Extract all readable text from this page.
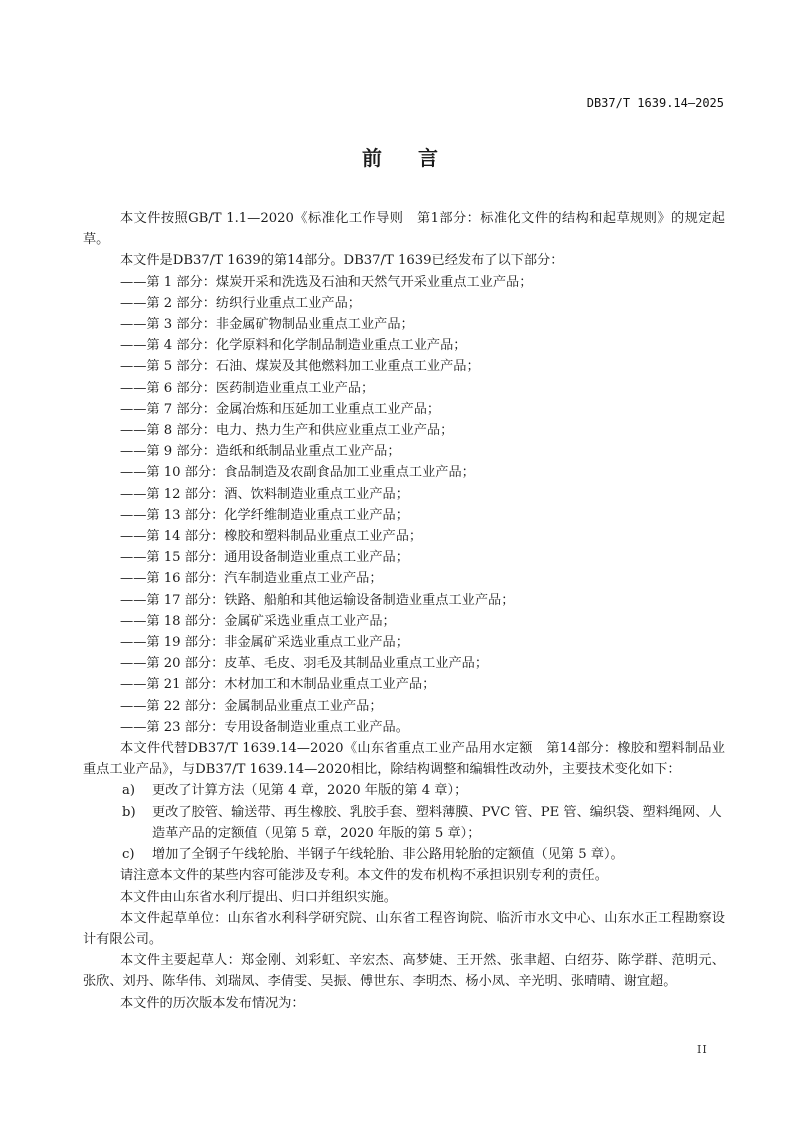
DB37/T 1639.14—2025
前 言

本文件按照GB/T 1.1—2020《标准化工作导则　第1部分：标准化文件的结构和起草规则》的规定起草。

本文件是DB37/T 1639的第14部分。DB37/T 1639已经发布了以下部分：

——第 1 部分：煤炭开采和洗选及石油和天然气开采业重点工业产品；

——第 2 部分：纺织行业重点工业产品；

——第 3 部分：非金属矿物制品业重点工业产品；

——第 4 部分：化学原料和化学制品制造业重点工业产品；

——第 5 部分：石油、煤炭及其他燃料加工业重点工业产品；

——第 6 部分：医药制造业重点工业产品；

——第 7 部分：金属冶炼和压延加工业重点工业产品；

——第 8 部分：电力、热力生产和供应业重点工业产品；

——第 9 部分：造纸和纸制品业重点工业产品；

——第 10 部分：食品制造及农副食品加工业重点工业产品；

——第 12 部分：酒、饮料制造业重点工业产品；

——第 13 部分：化学纤维制造业重点工业产品；

——第 14 部分：橡胶和塑料制品业重点工业产品；

——第 15 部分：通用设备制造业重点工业产品；

——第 16 部分：汽车制造业重点工业产品；

——第 17 部分：铁路、船舶和其他运输设备制造业重点工业产品；

——第 18 部分：金属矿采选业重点工业产品；

——第 19 部分：非金属矿采选业重点工业产品；

——第 20 部分：皮革、毛皮、羽毛及其制品业重点工业产品；

——第 21 部分：木材加工和木制品业重点工业产品；

——第 22 部分：金属制品业重点工业产品；

——第 23 部分：专用设备制造业重点工业产品。

本文件代替DB37/T 1639.14—2020《山东省重点工业产品用水定额　第14部分：橡胶和塑料制品业重点工业产品》，与DB37/T 1639.14—2020相比，除结构调整和编辑性改动外，主要技术变化如下：

a) 更改了计算方法（见第 4 章，2020 年版的第 4 章）；

b) 更改了胶管、输送带、再生橡胶、乳胶手套、塑料薄膜、PVC 管、PE 管、编织袋、塑料绳网、人造革产品的定额值（见第 5 章，2020 年版的第 5 章）；

c) 增加了全钢子午线轮胎、半钢子午线轮胎、非公路用轮胎的定额值（见第 5 章）。

请注意本文件的某些内容可能涉及专利。本文件的发布机构不承担识别专利的责任。

本文件由山东省水利厅提出、归口并组织实施。

本文件起草单位：山东省水利科学研究院、山东省工程咨询院、临沂市水文中心、山东水正工程勘察设计有限公司。

本文件主要起草人：郑金刚、刘彩虹、辛宏杰、高梦婕、王开然、张聿超、白绍芬、陈学群、范明元、张欣、刘丹、陈华伟、刘瑞凤、李倩雯、吴振、傅世东、李明杰、杨小凤、辛光明、张晴晴、谢宜超。

本文件的历次版本发布情况为：

II
